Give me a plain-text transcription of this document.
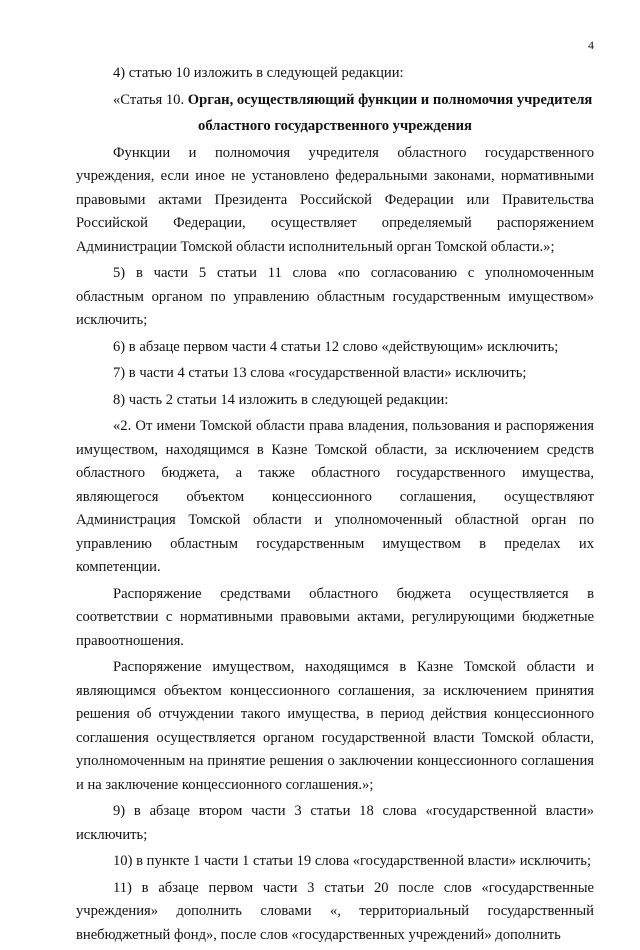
4

4) статью 10 изложить в следующей редакции:

«Статья 10. Орган, осуществляющий функции и полномочия учредителя

областного государственного учреждения

Функции и полномочия учредителя областного государственного учреждения, если иное не установлено федеральными законами, нормативными правовыми актами Президента Российской Федерации или Правительства Российской Федерации, осуществляет определяемый распоряжением Администрации Томской области исполнительный орган Томской области.»;

5) в части 5 статьи 11 слова «по согласованию с уполномоченным областным органом по управлению областным государственным имуществом» исключить;

6) в абзаце первом части 4 статьи 12 слово «действующим» исключить;

7) в части 4 статьи 13 слова «государственной власти» исключить;

8) часть 2 статьи 14 изложить в следующей редакции:

«2. От имени Томской области права владения, пользования и распоряжения имуществом, находящимся в Казне Томской области, за исключением средств областного бюджета, а также областного государственного имущества, являющегося объектом концессионного соглашения, осуществляют Администрация Томской области и уполномоченный областной орган по управлению областным государственным имуществом в пределах их компетенции.

Распоряжение средствами областного бюджета осуществляется в соответствии с нормативными правовыми актами, регулирующими бюджетные правоотношения.

Распоряжение имуществом, находящимся в Казне Томской области и являющимся объектом концессионного соглашения, за исключением принятия решения об отчуждении такого имущества, в период действия концессионного соглашения осуществляется органом государственной власти Томской области, уполномоченным на принятие решения о заключении концессионного соглашения и на заключение концессионного соглашения.»;

9) в абзаце втором части 3 статьи 18 слова «государственной власти» исключить;

10) в пункте 1 части 1 статьи 19 слова «государственной власти» исключить;

11) в абзаце первом части 3 статьи 20 после слов «государственные учреждения» дополнить словами «, территориальный государственный внебюджетный фонд», после слов «государственных учреждений» дополнить
